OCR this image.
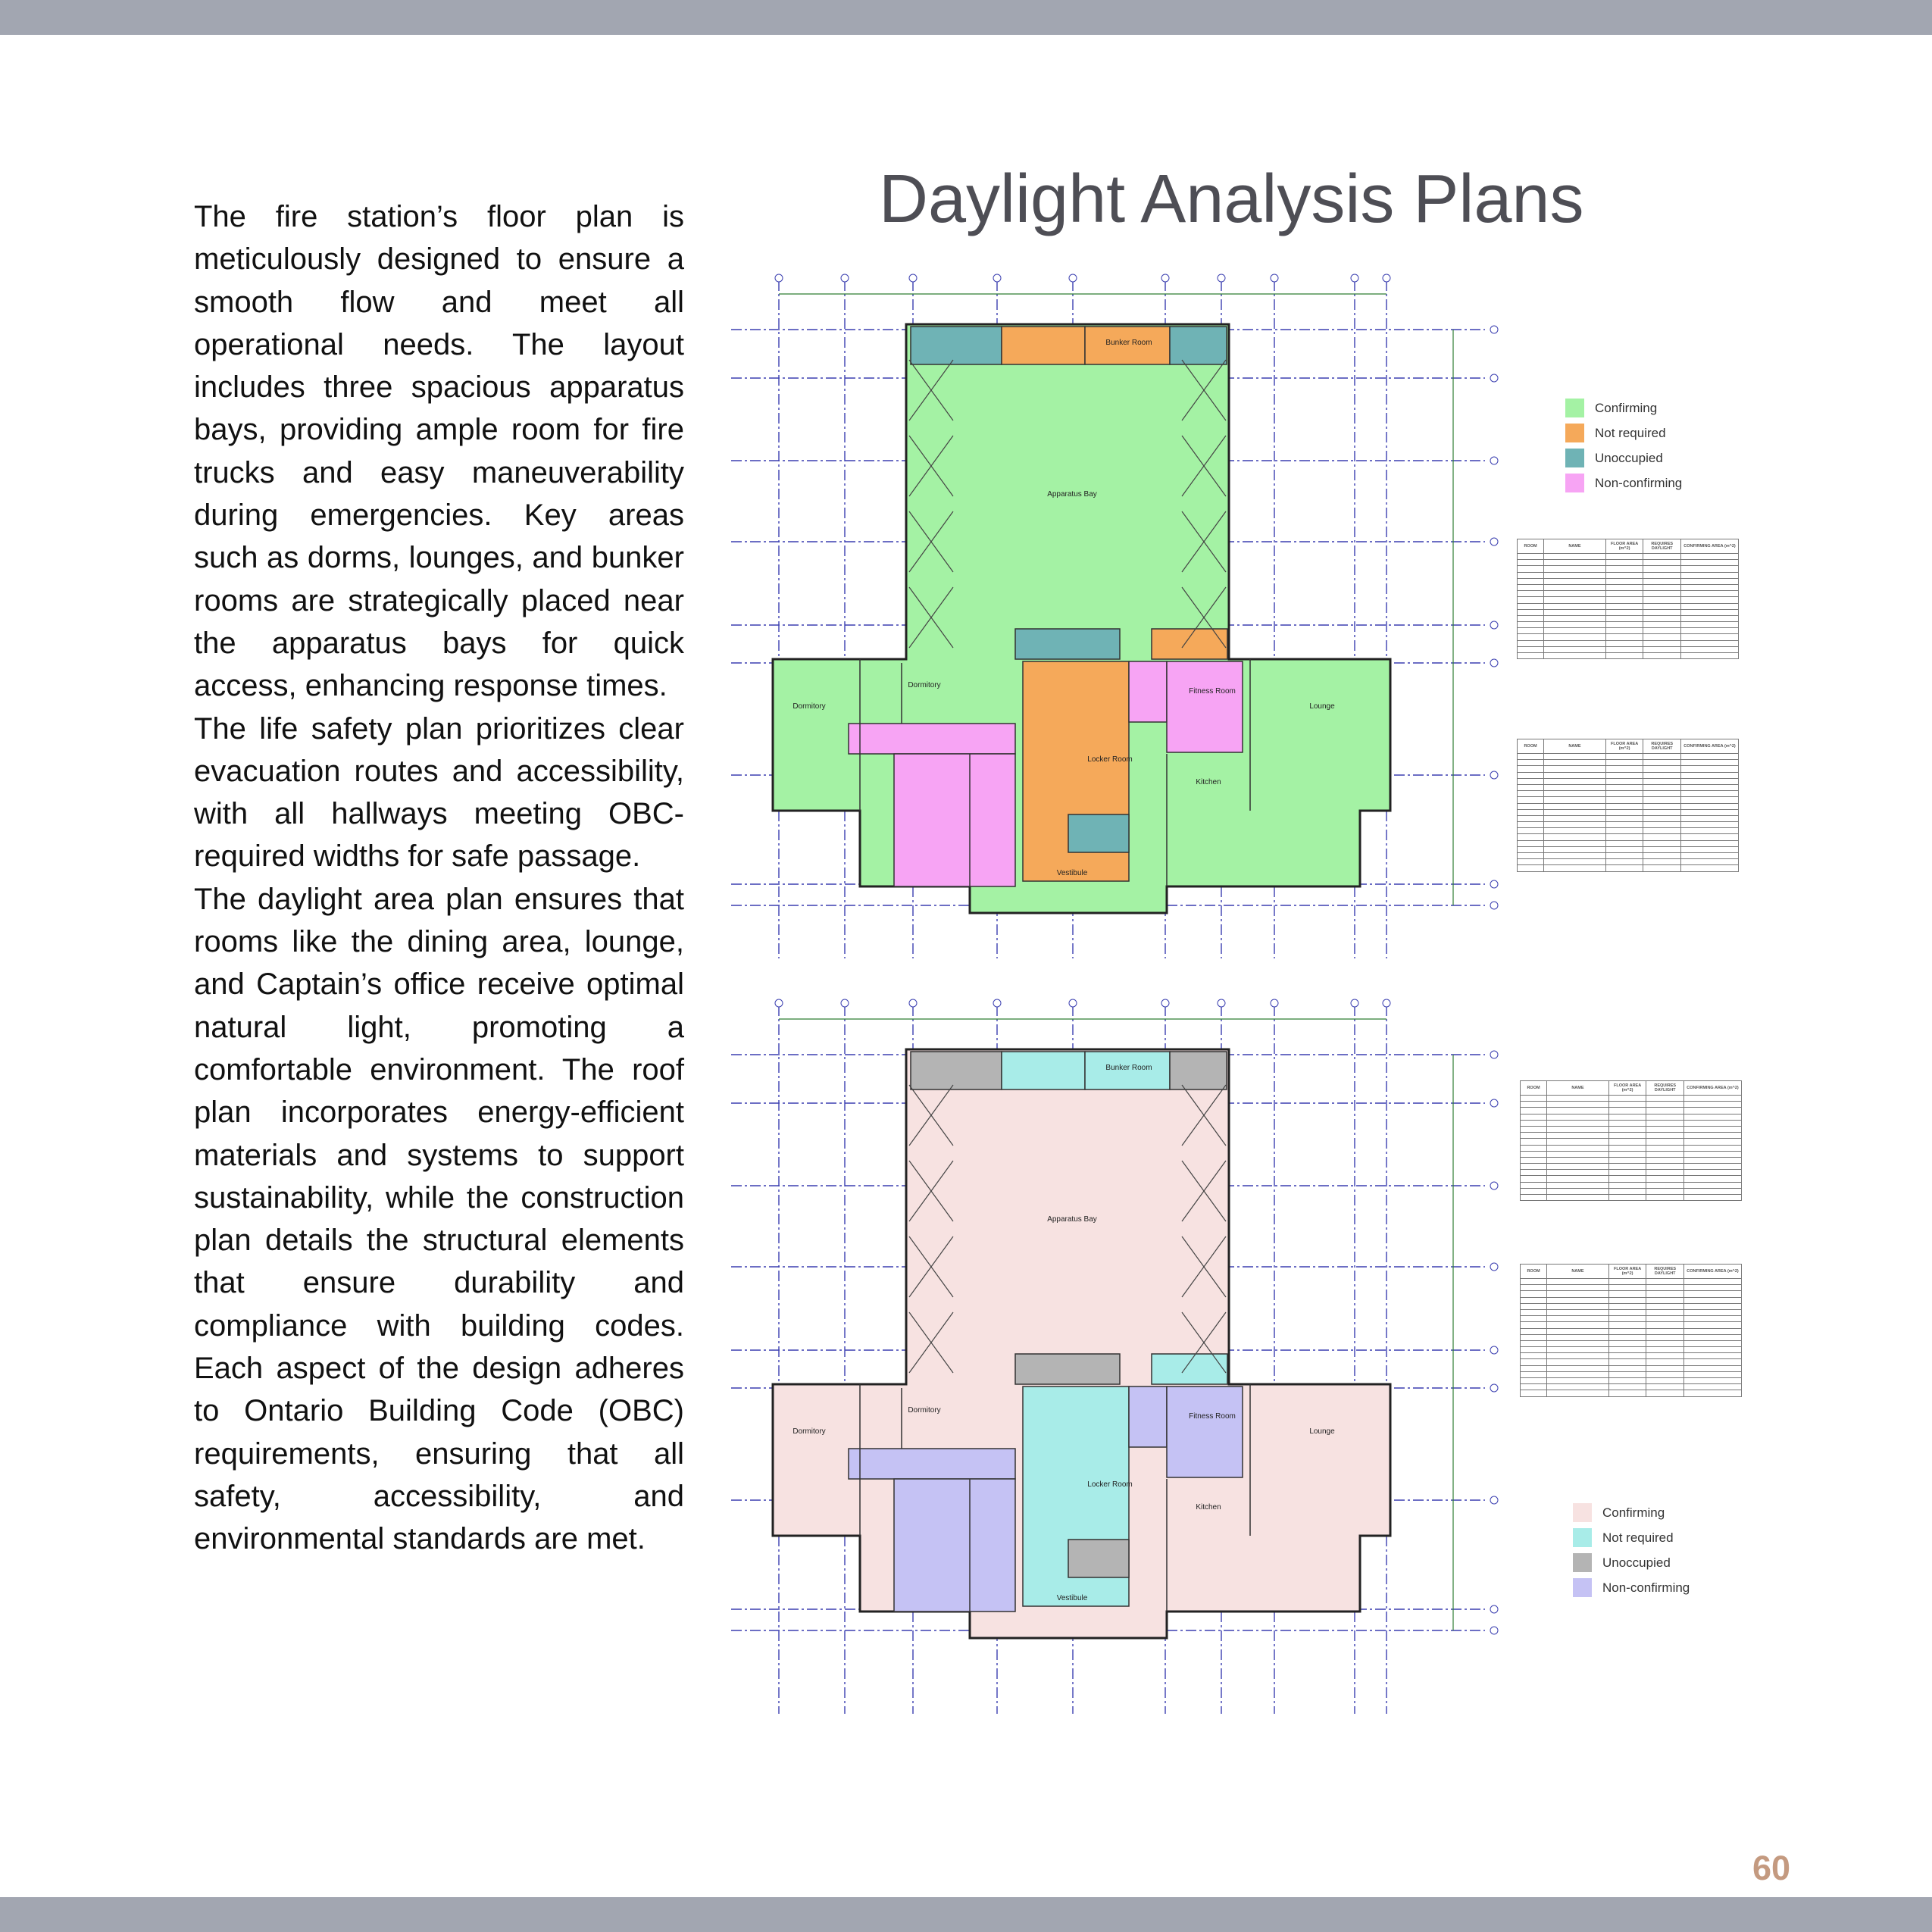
The fire station’s floor plan is meticulously designed to ensure a smooth flow and meet all operational needs. The layout includes three spacious apparatus bays, providing ample room for fire trucks and easy maneuverability during emergencies. Key areas such as dorms, lounges, and bunker rooms are strategically placed near the apparatus bays for quick access, enhancing response times.

The life safety plan prioritizes clear evacuation routes and accessibility, with all hallways meeting OBC-required widths for safe passage.

The daylight area plan ensures that rooms like the dining area, lounge, and Captain’s office receive optimal natural light, promoting a comfortable environment. The roof plan incorporates energy-efficient materials and systems to support sustainability, while the construction plan details the structural elements that ensure durability and compliance with building codes. Each aspect of the design adheres to Ontario Building Code (OBC) requirements, ensuring that all safety, accessibility, and environmental standards are met.

Daylight Analysis Plans
Apparatus Bay
Dormitory
Dormitory	Lounge
Locker Room
Kitchen
Bunker Room
Fitness Room
Vestibule
Apparatus Bay
Dormitory
Dormitory	Lounge
Locker Room
Kitchen
Bunker Room
Fitness Room
Vestibule
Confirming
Not required
Unoccupied
Non-confirming
Confirming
Not required
Unoccupied
Non-confirming
ROOM	NAME	FLOOR AREA (m^2)	REQUIRES DAYLIGHT	CONFIRMING AREA (m^2)

ROOM	NAME	FLOOR AREA (m^2)	REQUIRES DAYLIGHT	CONFIRMING AREA (m^2)

ROOM	NAME	FLOOR AREA (m^2)	REQUIRES DAYLIGHT	CONFIRMING AREA (m^2)

ROOM	NAME	FLOOR AREA (m^2)	REQUIRES DAYLIGHT	CONFIRMING AREA (m^2)

60
